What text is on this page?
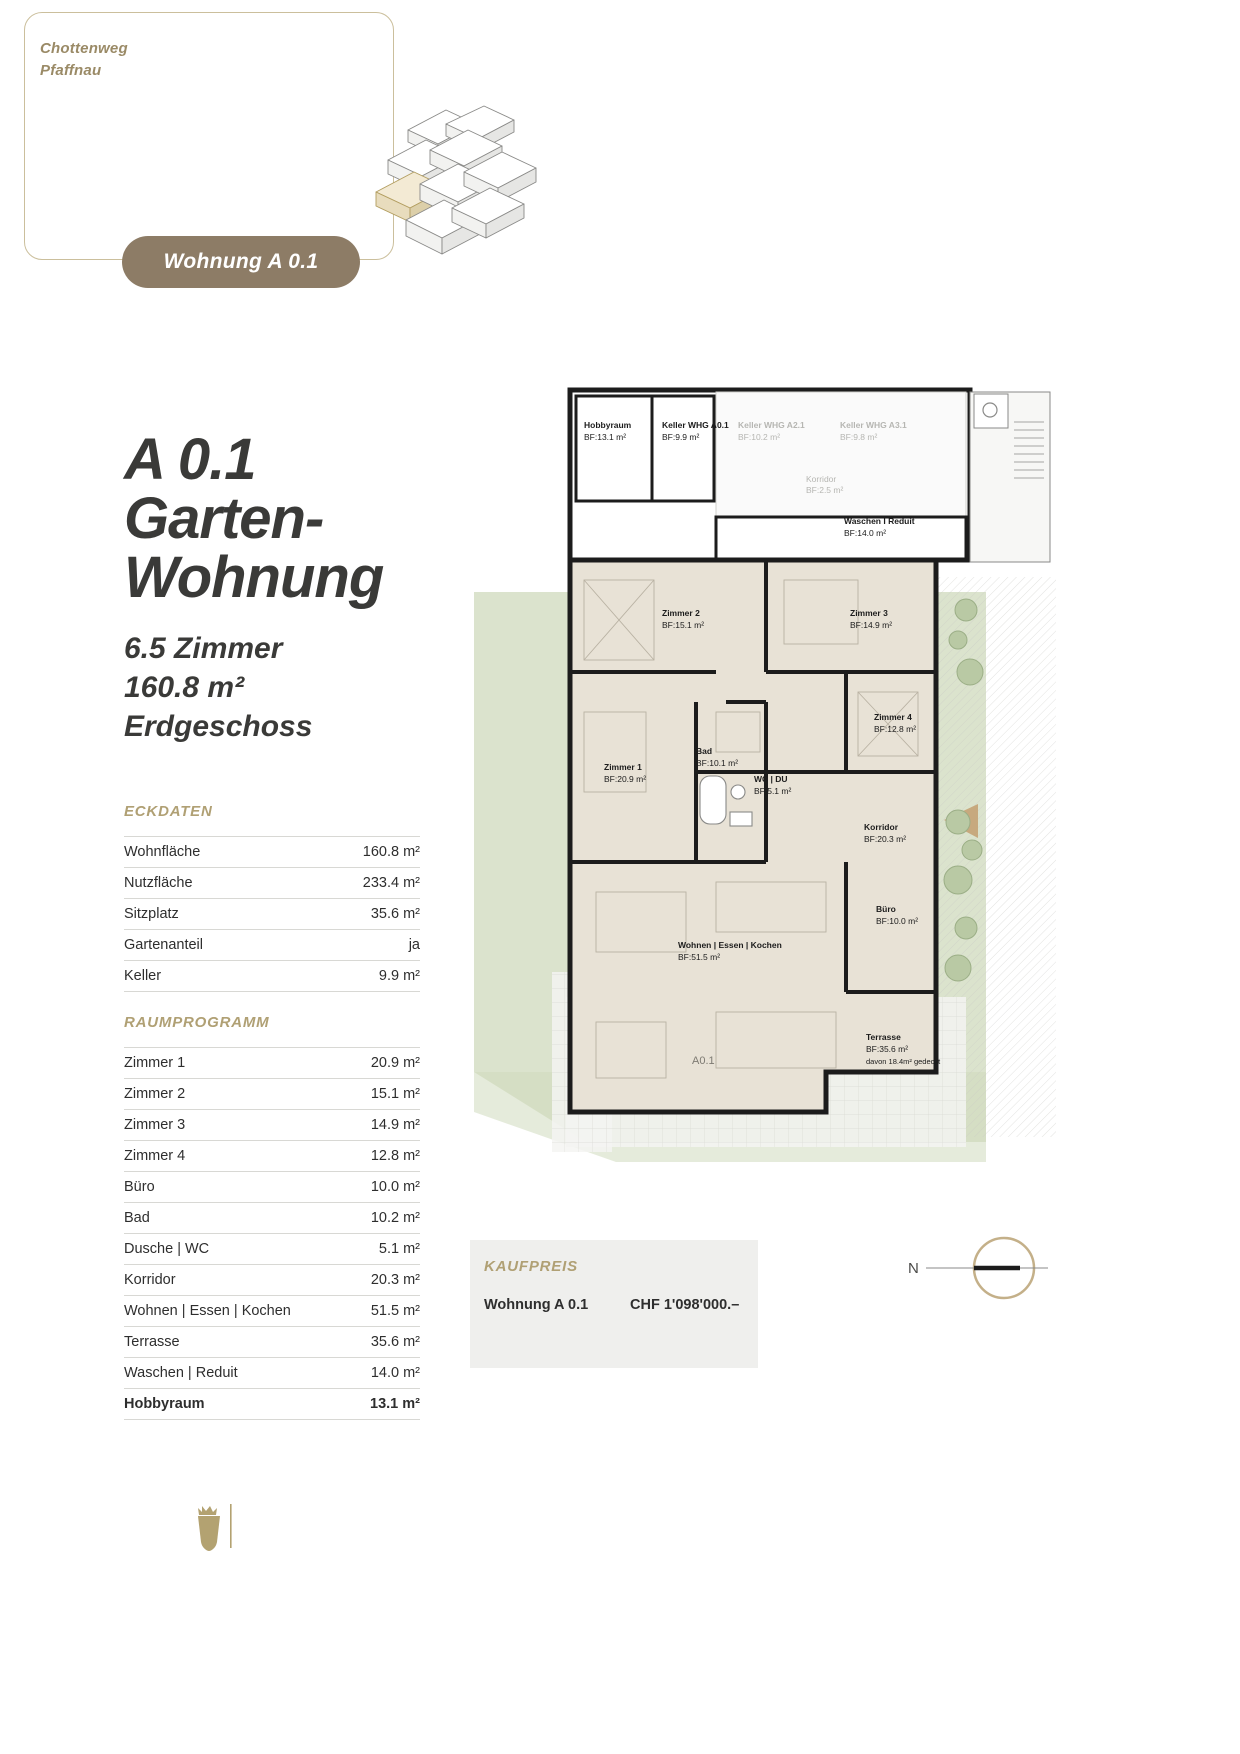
Chottenweg
Pfaffnau
Wohnung A 0.1
A 0.1
Garten-
Wohnung
6.5 Zimmer
160.8 m²
Erdgeschoss
ECKDATEN
Wohnfläche	160.8 m²
Nutzfläche	233.4 m²
Sitzplatz	35.6 m²
Gartenanteil	ja
Keller	9.9 m²
RAUMPROGRAMM
Zimmer 1	20.9 m²
Zimmer 2	15.1 m²
Zimmer 3	14.9 m²
Zimmer 4	12.8 m²
Büro	10.0 m²
Bad	10.2 m²
Dusche | WC	5.1 m²
Korridor	20.3 m²
Wohnen | Essen | Kochen	51.5 m²
Terrasse	35.6 m²
Waschen | Reduit	14.0 m²
Hobbyraum	13.1 m²
KAUFPREIS
Wohnung A 0.1	CHF 1'098'000.–
N
A0.1
Hobbyraum
BF:13.1 m²
Keller WHG A0.1
BF:9.9 m²
Keller WHG A2.1
BF:10.2 m²
Keller WHG A3.1
BF:9.8 m²
Korridor
BF:2.5 m²
Waschen I Reduit
BF:14.0 m²
Zimmer 2
BF:15.1 m²
Zimmer 3
BF:14.9 m²
Zimmer 4
BF:12.8 m²
Zimmer 1
BF:20.9 m²
Bad
BF:10.1 m²
WC | DU
BF:5.1 m²
Korridor
BF:20.3 m²
Büro
BF:10.0 m²
Wohnen | Essen | Kochen
BF:51.5 m²
Terrasse
BF:35.6 m²
davon 18.4m² gedeckt
